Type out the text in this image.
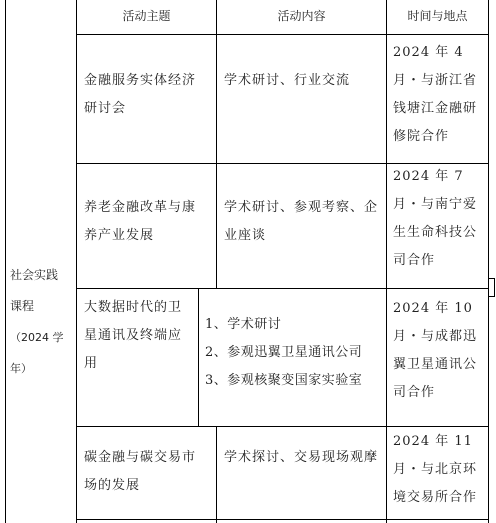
活动主题	活动内容	时间与地点
社会实践
课程
（2024 学
年）
金融服务实体经济
研讨会
学术研讨、行业交流
2024 年 4
月・与浙江省
钱塘江金融研
修院合作
养老金融改革与康
养产业发展
学术研讨、参观考察、企
业座谈
2024 年 7
月・与南宁爱
生生命科技公
司合作
大数据时代的卫
星通讯及终端应
用
1、学术研讨
2、参观迅翼卫星通讯公司
3、参观核聚变国家实验室
2024 年 10
月・与成都迅
翼卫星通讯公
司合作
碳金融与碳交易市
场的发展
学术探讨、交易现场观摩
2024 年 11
月・与北京环
境交易所合作
